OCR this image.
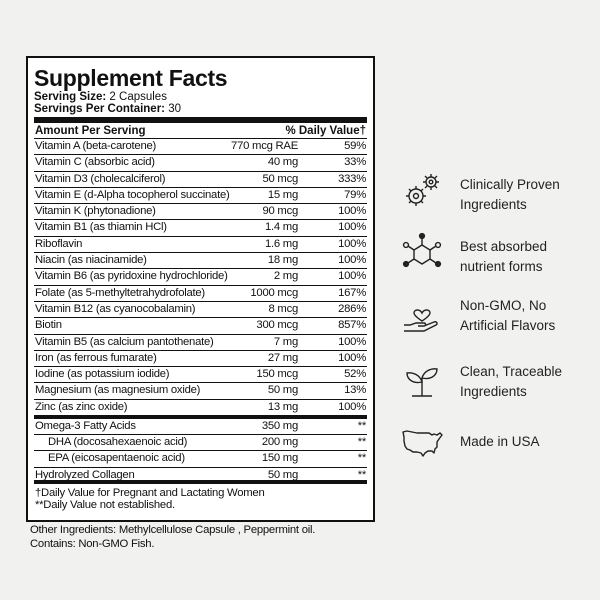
Supplement Facts
Serving Size: 2 Capsules
Servings Per Container: 30
Amount Per Serving	% Daily Value†
Vitamin A (beta-carotene)	770 mcg RAE	59%
Vitamin C (absorbic acid)	40 mg	33%
Vitamin D3 (cholecalciferol)	50 mcg	333%
Vitamin E (d-Alpha tocopherol succinate)	15 mg	79%
Vitamin K (phytonadione)	90 mcg	100%
Vitamin B1 (as thiamin HCl)	1.4 mg	100%
Riboflavin	1.6 mg	100%
Niacin (as niacinamide)	18 mg	100%
Vitamin B6 (as pyridoxine hydrochloride)	2 mg	100%
Folate (as 5-methyltetrahydrofolate)	1000 mcg	167%
Vitamin B12 (as cyanocobalamin)	8 mcg	286%
Biotin	300 mcg	857%
Vitamin B5 (as calcium pantothenate)	7 mg	100%
Iron (as ferrous fumarate)	27 mg	100%
Iodine (as potassium iodide)	150 mcg	52%
Magnesium (as magnesium oxide)	50 mg	13%
Zinc (as zinc oxide)	13 mg	100%
Omega-3 Fatty Acids	350 mg	**
DHA (docosahexaenoic acid)	200 mg	**
EPA (eicosapentaenoic acid)	150 mg	**
Hydrolyzed Collagen	50 mg	**
†Daily Value for Pregnant and Lactating Women
**Daily Value not established.
Other Ingredients: Methylcellulose Capsule , Peppermint oil.
Contains: Non-GMO Fish.
Clinically Proven
Ingredients
Best absorbed
nutrient forms
Non-GMO, No
Artificial Flavors
Clean, Traceable
Ingredients
Made in USA
